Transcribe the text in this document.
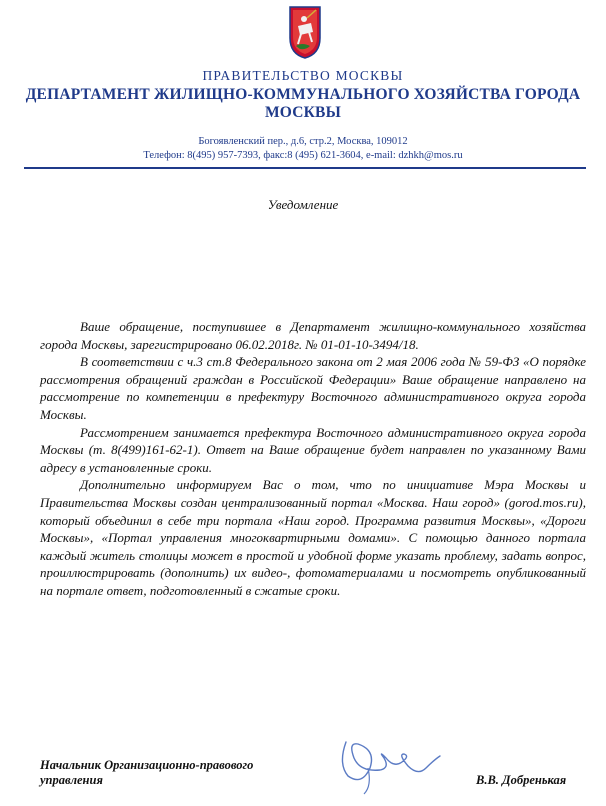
ПРАВИТЕЛЬСТВО МОСКВЫ
ДЕПАРТАМЕНТ ЖИЛИЩНО-КОММУНАЛЬНОГО ХОЗЯЙСТВА ГОРОДА
МОСКВЫ
Богоявленский пер., д.6, стр.2, Москва, 109012
Телефон: 8(495) 957-7393, факс:8 (495) 621-3604, e-mail: dzhkh@mos.ru
Уведомление

Ваше обращение, поступившее в Департамент жилищно-коммунального хозяйства города Москвы, зарегистрировано 06.02.2018г. № 01-01-10-3494/18.

В соответствии с ч.3 ст.8 Федерального закона от 2 мая 2006 года № 59-ФЗ «О порядке рассмотрения обращений граждан в Российской Федерации» Ваше обращение направлено на рассмотрение по компетенции в префектуру Восточного административного округа города Москвы.

Рассмотрением занимается префектура Восточного административного округа города Москвы (т. 8(499)161-62-1). Ответ на Ваше обращение будет направлен по указанному Вами адресу в установленные сроки.

Дополнительно информируем Вас о том, что по инициативе Мэра Москвы и Правительства Москвы создан централизованный портал «Москва. Наш город» (gorod.mos.ru), который объединил в себе три портала «Наш город. Программа развития Москвы», «Дороги Москвы», «Портал управления многоквартирными домами». С помощью данного портала каждый житель столицы может в простой и удобной форме указать проблему, задать вопрос, проиллюстрировать (дополнить) их видео-, фотоматериалами и посмотреть опубликованный на портале ответ, подготовленный в сжатые сроки.

Начальник Организационно-правового
управления	В.В. Добренькая
